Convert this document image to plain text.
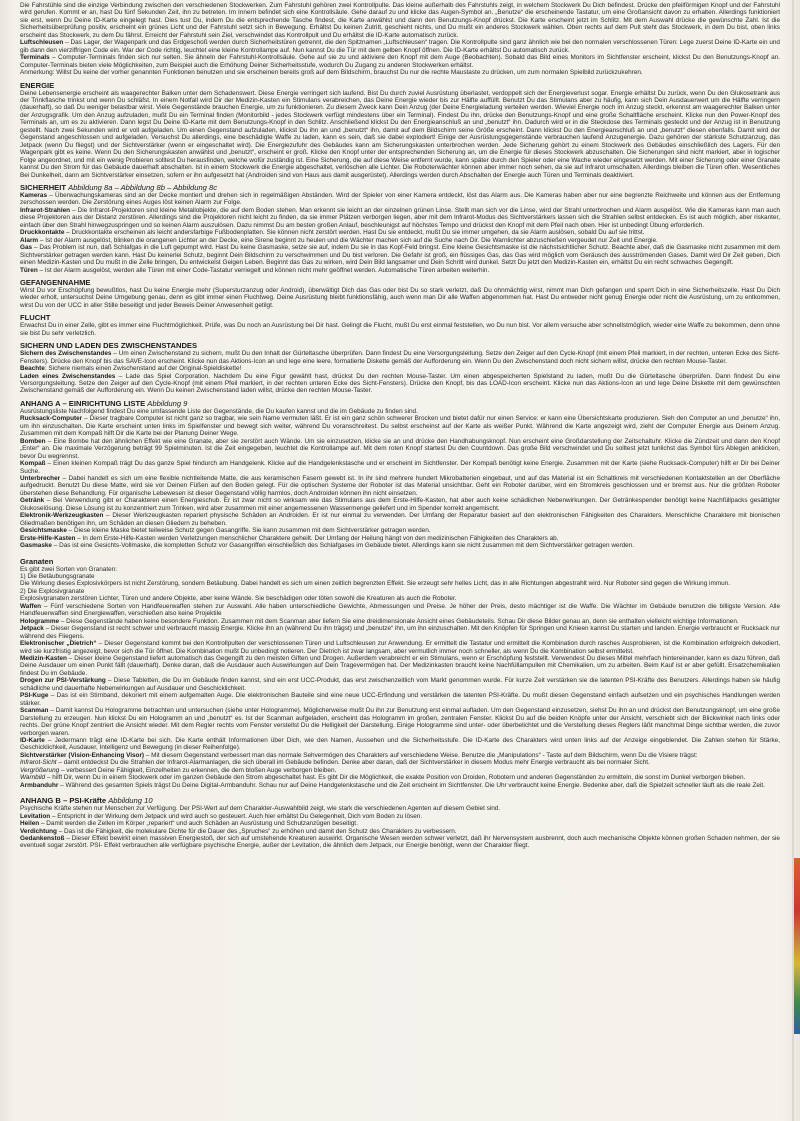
Die Fahrstühle sind die einzige Verbindung zwischen den verschiedenen Stockwerken. Zum Fahrstuhl gehören zwei Kontrollpulte. Das kleine außerhalb des Fahrstuhls zeigt, in welchem Stockwerk Du Dich befindest. Drücke den pfeilförmigen Knopf und der Fahrstuhl wird gerufen. Kommt er an, hast Du fünf Sekunden Zeit, ihn zu betreten. Im Innern befindet sich eine Kontrollsäule. Gehe darauf zu und klicke das Augen-Symbol an. „Benutze“ die erscheinende Tastatur, um eine Großansicht davon zu erhalten. Allerdings funktioniert sie erst, wenn Du Deine ID-Karte eingelegt hast. Dies tust Du, indem Du die entsprechende Tasche findest, die Karte anwählst und dann den Benutzungs-Knopf drückst. Die Karte erscheint jetzt im Schlitz. Mit dem Auswahl drücke die gewünschte Zahl. Ist die Sicherheitsüberprüfung positiv, erscheint ein grünes Licht und der Fahrstuhl setzt sich in Bewegung. Erhältst Du keinen Zutritt, geschieht nichts, und Du mußt ein anderes Stockwerk wählen. Oben rechts auf dem Pult steht das Stockwerk, in dem Du bist, oben links erscheint das Stockwerk, zu dem Du fährst. Erreicht der Fahrstuhl sein Ziel, verschwindet das Kontrollpult und Du erhältst die ID-Karte automatisch zurück.

Luftschleusen – Das Lager, der Wagenpark und das Erdgeschoß werden durch Sicherheitstüren getrennt, die den Spitznamen „Luftschleusen“ tragen. Die Kontrollpulte sind ganz ähnlich wie bei den normalen verschlossenen Türen: Lege zuerst Deine ID-Karte ein und gib dann den vierziffrigen Code ein. War der Code richtig, leuchtet eine kleine Kontrollampe auf. Nun kannst Du die Tür mit dem gelben Knopf öffnen. Die ID-Karte erhältst Du automatisch zurück.

Terminals – Computer-Terminals finden sich nur selten. Sie ähneln der Fahrstuhl-Kontrollsäule. Gehe auf sie zu und aktiviere den Knopf mit dem Auge (Beobachten). Sobald das Bild eines Monitors im Sichtfenster erscheint, klickst Du den Benutzungs-Knopf an. Computer-Terminals bieten viele Möglichkeiten, zum Beispiel auch die Erhöhung Deiner Sicherheitsstufe, wodurch Du Zugang zu anderen Stockwerken erhältst.

Anmerkung: Willst Du keine der vorher genannten Funktionen benutzen und sie erscheinen bereits groß auf dem Bildschirm, brauchst Du nur die rechte Maustaste zu drücken, um zum normalen Spielbild zurückzukehren.

ENERGIE

Deine Lebensenergie erscheint als waagerechter Balken unter dem Schadenswert. Diese Energie verringert sich laufend. Bist Du durch zuviel Ausrüstung überlastet, verdoppelt sich der Energieverlust sogar. Energie erhältst Du zurück, wenn Du den Glukosetrank aus der Trinkflasche trinkst und wenn Du schläfst. In einem Notfall wird Dir der Medizin-Kasten ein Stimulans verabreichen, das Deine Energie wieder bis zur Hälfte auffüllt. Benutzt Du das Stimulans aber zu häufig, kann sich Dein Ausdauerwert um die Hälfte verringern (dauerhaft), so daß Du weniger belastbar wirst. Viele Gegenstände brauchen Energie, um zu funktionieren. Zu diesem Zweck kann Dein Anzug (der Deine Energieladung verteilen werden. Wieviel Energie noch im Anzug steckt, erkennst am waagerechter Balken unter der Anzugsgrafik. Um den Anzug aufzuladen, mußt Du ein Terminal finden (Monitorbild - jedes Stockwerk verfügt mindestens über ein Terminal). Findest Du ihn, drücke den Benutzungs-Knopf und eine große Schaltfläche erscheint. Klicke nun den Power-Knopf des Terminals an, um es zu aktivieren. Dann legst Du Deine ID-Karte mit dem Benutzungs-Knopf in den Schlitz. Anschließend klickst Du den Energieanschluß an und „benutzt“ ihn. Dadurch wird er in die Steckdose des Terminals gesteckt und der Anzug ist in Benutzung gestellt. Nach zwei Sekunden wird er voll aufgeladen. Um einen Gegenstand aufzuladen, klickst Du ihn an und „benutzt“ ihn, damit auf dem Bildschirm seine Größe erscheint. Dann klickst Du den Energieanschluß an und „benutzt“ diesen ebenfalls. Damit wird der Gegenstand angeschlossen und aufgeladen. Versuchst Du allerdings, eine beschädigte Waffe zu laden, kann es sein, daß sie dabei explodiert! Einige der Ausrüstungsgegenstände verbrauchen laufend Anzugenergie. Dazu gehören der stärkste Schutzanzug, das Jetpack (wenn Du fliegst) und der Sichtverstärker (wenn er eingeschaltet wird). Die Energiezufuhr des Gebäudes kann am Sicherungskasten unterbrochen werden. Jede Sicherung gehört zu einem Stockwerk des Gebäudes einschließlich des Lagers. Für den Wagenpark gibt es keine. Wenn Du den Sicherungskasten anwählst und „benutzt“, erscheint er groß. Klicke den Knopf unter der entsprechenden Sicherung an, um die Energie für dieses Stockwerk abzuschalten. Die Sicherungen sind nicht markiert, aber in logischer Folge angeordnet, und mit ein wenig Probieren solltest Du herausfinden, welche wofür zuständig ist. Eine Sicherung, die auf diese Weise entfernt wurde, kann später durch den Spieler oder eine Wache wieder eingesetzt werden. Mit einer Sicherung oder einer Granate kannst Du den Strom für das Gebäude dauerhaft abschalten. Ist in einem Stockwerk die Energie abgeschaltet, verlöschen alle Lichter. Die Roboterwächter können aber immer noch sehen, da sie auf Infrarot umschalten. Allerdings bleiben die Türen offen. Wesentliches Bei Dunkelheit, dann am Sichtverstärker einsetzen, sofern er ihn aufgesetzt hat (Androiden sind von Haus aus damit ausgerüstet). Allerdings werden durch Abschalten der Energie auch Türen und Terminals deaktiviert.

SICHERHEIT Abbildung 8a – Abbildung 8b – Abbildung 8c

Kameras – Überwachungskameras sind an der Decke montiert und drehen sich in regelmäßigen Abständen. Wird der Spieler von einer Kamera entdeckt, löst das Alarm aus. Die Kameras haben aber nur eine begrenzte Reichweite und können aus der Entfernung zerschossen werden. Die Zerstörung eines Auges löst keinen Alarm zur Folge.

Infrarot-Strahlen – Die Infrarot-Projektoren sind kleine Metallobjekte, die auf dem Boden stehen. Man erkennt sie leicht an der einzelnen grünen Linse. Stellt man sich vor die Linse, wird der Strahl unterbrochen und Alarm ausgelöst. Wie die Kameras kann man auch diese Projektoren aus der Distanz zerstören. Allerdings sind die Projektoren nicht leicht zu finden, da sie immer Plätzen verborgen liegen, aber mit dem Infrarot-Modus des Sichtverstärkers lassen sich die Strahlen selbst entdecken. Es ist auch möglich, aber riskanter, einfach über den Strahl hinwegzuspringen und so keinen Alarm auszulösen. Dazu nimmst Du am besten großen Anlauf, beschleunigst auf höchstes Tempo und drückst den Knopf mit dem Pfeil nach oben. Hier ist unbedingt Übung erforderlich.

Druckkontakte – Druckkontakte erscheinen als leicht andersfarbige Fußbodenplatten. Sie können nicht zerstört werden. Hast Du sie entdeckt, mußt Du sie immer umgehen, da sie Alarm auslösen, sobald Du auf sie trittst.

Alarm – Ist der Alarm ausgelöst, blinken die orangenen Lichter an der Decke, eine Sirene beginnt zu heulen und die Wächter machen sich auf die Suche nach Dir. Die Warnlichter abzuschießen vergeudet nur Zeit und Energie.

Gas – Das Problem ist nun, daß Schlafgas in die Luft gepumpt wird. Hast Du keine Gasmaske, setze sie auf, indem Du sie in das Kopf-Feld bringst. Eine kleine Gesichtsmaske ist die nächstsichtlicher Schutz. Beachte aber, daß die Gasmaske nicht zusammen mit dem Sichtverstärker getragen werden kann. Hast Du keinerlei Schutz, beginnt Dein Bildschirm zu verschwimmen und Du bist verloren. Die Gefahr ist groß, ein flüssiges Gas, das Gas wird möglich vom Geräusch des ausströmenden Gases. Damit wird Dir Zeit geben, Dich einen Medizin-Kasten und Du mußt in die Zelle bringen, Du entwickelst Geigen Leben. Beginnt das Gas zu wirken, wird Dein Bild langsamer und Dein Schritt wird dunkel. Setzt Du jetzt den Medizin-Kasten ein, erhältst Du ein recht schwaches Gegengift.

Türen – Ist der Alarm ausgelöst, werden alle Türen mit einer Code-Tastatur verriegelt und können nicht mehr geöffnet werden. Automatische Türen arbeiten weiterhin.

GEFANGENNAHME

Wirst Du vor Erschöpfung bewußtlos, hast Du keine Energie mehr (Supersturzanzug oder Android), überwältigt Dich das Gas oder bist Du so stark verletzt, daß Du ohnmächtig wirst, nimmt man Dich gefangen und sperrt Dich in eine Sicherheitszelle. Hast Du Dich wieder erholt, untersuchst Deine Umgebung genau, denn es gibt immer einen Fluchtweg. Deine Ausrüstung bleibt funktionsfähig, auch wenn man Dir alle Waffen abgenommen hat. Hast Du entweder nicht genug Energie oder nicht die Ausrüstung, um zu entkommen, wirst Du von der UCC in aller Stille beseitigt und jeder Beweis Deiner Anwesenheit getilgt.

FLUCHT

Erwachst Du in einer Zelle, gibt es immer eine Fluchtmöglichkeit. Prüfe, was Du noch an Ausrüstung bei Dir hast. Gelingt die Flucht, mußt Du erst einmal feststellen, wo Du nun bist. Vor allem versuche aber schnellstmöglich, wieder eine Waffe zu bekommen, denn ohne sie bist Du sehr verletzlich.

SICHERN UND LADEN DES ZWISCHENSTANDES

Sichern des Zwischenstandes – Um einen Zwischenstand zu sichern, mußt Du den Inhalt der Gürteltasche überprüfen. Dann findest Du eine Versorgungsleitung. Setze den Zeiger auf den Cycle-Knopf (mit einem Pfeil markiert, in der rechten, unteren Ecke des Sicht-Fensters). Drücke den Knopf bis das SAVE-Icon erscheint. Klicke nun das Aktions-Icon an und lege eine leere, formatierte Diskette gemäß der Aufforderung ein. Wenn Du den Zwischenstand doch nicht sichern willst, drücke den rechten Mouse-Taster.

Beachte: Sichere niemals einen Zwischenstand auf der Original-Spieldiskette!

Laden eines Zwischenstandes – Lade das Spiel Corporation. Nachdem Du eine Figur gewählt hast, drückst Du den rechten Mouse-Taster. Um einen abgespeicherten Spielstand zu laden, mußt Du die Gürteltasche überprüfen. Dann findest Du eine Versorgungsleitung. Setze den Zeiger auf den Cycle-Knopf (mit einem Pfeil markiert, in der rechten unteren Ecke des Sicht-Fensters). Drücke den Knopf, bis das LOAD-Icon erscheint. Klicke nun das Aktions-Icon an und lege Deine Diskette mit dem gewünschten Zwischenstand gemäß der Aufforderung ein. Wenn Du keinen Zwischenstand laden willst, drücke den rechten Mouse-Taster.

ANHANG A – EINRICHTUNG LISTE Abbildung 9

Ausrüstungsliste Nachfolgend findest Du eine umfassende Liste der Gegenstände, die Du kaufen kannst und die im Gebäude zu finden sind.

Rucksack-Computer – Dieser tragbare Computer ist nicht ganz so tragbar, wie sein Name vermuten läßt. Er ist ein ganz schön schwerer Brocken und bietet dafür nur einen Service: er kann eine Übersichtskarte produzieren. Sieh den Computer an und „benutze“ ihn, um ihn einzuschalten. Die Karte erscheint unten links im Spielfenster und bewegt sich weiter, während Du voranschreitest. Du selbst erscheinst auf der Karte als weißer Punkt. Während die Karte angezeigt wird, zieht der Computer Energie aus Deinem Anzug. Zusammen mit dem Kompaß hilft Dir die Karte bei der Planung Deiner Wege.

Bomben – Eine Bombe hat den ähnlichen Effekt wie eine Granate, aber sie zerstört auch Wände. Um sie einzusetzen, klicke sie an und drücke den Handhabungsknopf. Nun erscheint eine Großdarstellung der Zeitschaltuhr. Klicke die Zündzeit und dann den Knopf „Enter“ an. Die maximale Verzögerung beträgt 99 Spielminuten. Ist die Zeit eingegeben, leuchtet die Kontrollampe auf. Mit dem roten Knopf startest Du den Countdown. Das große Bild verschwindet und Du solltest jetzt tunlichst das Symbol fürs Ablegen anklicken, bevor Du wegrennst.

Kompaß – Einen kleinen Kompaß trägt Du das ganze Spiel hindurch am Handgelenk. Klicke auf die Handgelenkstasche und er erscheint im Sichtfenster. Der Kompaß benötigt keine Energie. Zusammen mit der Karte (siehe Rucksack-Computer) hilft er Dir bei Deiner Suche.

Unterbrecher – Dabei handelt es sich um eine flexible nichtleitende Matte, die aus keramischen Fasern gewebt ist. In ihr sind mehrere hundert Mikrobatterien eingebaut, und auf das Material ist ein Schaltkreis mit verschiedenen Kontaktstellen an der Oberfläche aufgedruckt. Benutzt Du diese Matte, wird sie vor Deinen Füßen auf den Boden gelegt. Für die optischen Systeme der Roboter ist das Material unsichtbar. Geht ein Roboter darüber, wird ein Stromkreis geschlossen und er bremst aus. Nur die größten Roboter überstehen diese Behandlung. Für organische Lebewesen ist dieser Gegenstand völlig harmlos, doch Androiden können ihn nicht einsetzen.

Getränk – Bei Verwendung gibt er Charakteren einen Energieschub. Er ist zwar nicht so wirksam wie das Stimulans aus dem Erste-Hilfe-Kasten, hat aber auch keine schädlichen Nebenwirkungen. Der Getränkespender benötigt keine Nachfüllpacks gesättigter Glukoselösung. Diese Lösung ist zu konzentriert zum Trinken, wird aber zusammen mit einer angemessenen Wassermenge geliefert und im Spender korrekt angemischt.

Elektronik-Werkzeugkasten – Dieser Werkzeugkasten repariert physische Schäden an Androiden. Er ist nur einmal zu verwenden. Der Umfang der Reparatur basiert auf den elektronischen Fähigkeiten des Charakters. Menschliche Charaktere mit bionischen Gliedmaßen benötigen ihn, um Schäden an diesen Gliedern zu beheben.

Gesichtsmaske – Diese kleine Maske bietet teilweise Schutz gegen Gasangriffe. Sie kann zusammen mit dem Sichtverstärker getragen werden.

Erste-Hilfe-Kasten – In dem Erste-Hilfe-Kasten werden Verletzungen menschlicher Charaktere geheilt. Der Umfang der Heilung hängt von den medizinischen Fähigkeiten des Charakters ab.

Gasmaske – Das ist eine Gesichts-Vollmaske, die kompletten Schutz vor Gasangriffen einschließlich des Schlafgases im Gebäude bietet. Allerdings kann sie nicht zusammen mit dem Sichtverstärker getragen werden.

Granaten

Es gibt zwei Sorten von Granaten:

1) Die Betäubungsgranate

Die Wirkung dieses Explosivkörpers ist nicht Zerstörung, sondern Betäubung. Dabei handelt es sich um einen zeitlich begrenzten Effekt. Sie erzeugt sehr helles Licht, das in alle Richtungen abgestrahlt wird. Nur Roboter sind gegen die Wirkung immun.

2) Die Explosivgranate

Explosivgranaten zerstören Lichter, Türen und andere Objekte, aber keine Wände. Sie beschädigen oder töten sowohl die Kreaturen als auch die Roboter.

Waffen – Fünf verschiedene Sorten von Handfeuerwaffen stehen zur Auswahl. Alle haben unterschiedliche Gewichte, Abmessungen und Preise. Je höher der Preis, desto mächtiger ist die Waffe. Die Wächter im Gebäude benutzen die billigste Version. Alle Handfeuerwaffen sind Energiewaffen, verschießen also keine Projektile

Hologramme – Diese Gegenstände haben keine besondere Funktion. Zusammen mit dem Scanman aber liefern Sie eine dreidimensionale Ansicht eines Gebäudeteils. Schau Dir diese Bilder genau an, denn sie enthalten vielleicht wichtige Informationen.

Jetpack – Dieser Gegenstand ist recht schwer und verbraucht massig Energie. Klicke ihn an (während Du ihn trägst) und „benutze“ ihn, um ihn einzuschalten. Mit den Knöpfen für Springen und Knieen kannst Du starten und landen. Energie verbraucht er Rucksack nur während des Fliegens.

Elektronischer „Dietrich“ – Dieser Gegenstand kommt bei den Kontrollpulten der verschlossenen Türen und Luftschleusen zur Anwendung. Er ermittelt die Tastatur und ermittelt die Kombination durch rasches Ausprobieren, ist die Kombination erfolgreich dekodiert, wird sie kurzfristig angezeigt, bevor sich die Tür öffnet. Die Kombination mußt Du unbedingt notieren. Der Dietrich ist zwar langsam, aber vermutlich immer noch schneller, als wenn Du die Kombination selbst ermittelst.

Medizin-Kasten – Dieser kleine Gegenstand liefert automatisch das Gegengift zu den meisten Giften und Drogen. Außerdem verabreicht er ein Stimulans, wenn er Erschöpfung feststellt. Verwendest Du dieses Mittel mehrfach hintereinander, kann es dazu führen, daß Deine Ausdauer um einen Punkt fällt (dauerhaft). Denke daran, daß die Ausdauer auch Auswirkungen auf Dein Tragevermögen hat. Der Medizinkasten braucht keine Nachfüllampullen mit Chemikalien, um zu arbeiten. Beim Kauf ist er aber gefüllt. Ersatzchemikalien findest Du im Gebäude.

Drogen zur PSI-Verstärkung – Diese Tabletten, die Du im Gebäude finden kannst, sind ein erst UCC-Produkt, das erst zwischenzeitlich vom Markt genommen wurde. Für kurze Zeit verstärken sie die latenten PSI-Kräfte des Benutzers. Allerdings haben sie häufig schädliche und dauerhafte Nebenwirkungen auf Ausdauer und Geschicklichkeit.

PSI-Kuge – Das ist ein Stirnband, dekoriert mit einem aufgemalten Auge. Die elektronischen Bauteile sind eine neue UCC-Erfindung und verstärken die latenten PSI-Kräfte. Du mußt diesen Gegenstand einfach aufsetzen und ein psychisches Handlungen werden stärker.

Scanman – Damit kannst Du Hologramme betrachten und untersuchen (siehe unter Hologramme). Möglicherweise mußt Du ihn zur Benutzung erst einmal aufladen. Um den Gegenstand einzusetzen, siehst Du ihn an und drückst den Benutzungsknopf, um eine große Darstellung zu erzeugen. Nun klickst Du ein Hologramm an und „benutzt“ es. Ist der Scanman aufgeladen, erscheint das Hologramm im großen, zentralen Fenster. Klickst Du auf die beiden Knöpfe unter der Ansicht, verschiebt sich der Blickwinkel nach links oder rechts. Der grüne Knopf zentriert die Ansicht wieder. Mit dem Regler rechts vom Fenster verstellst Du die Helligkeit der Darstellung. Einige Hologramme sind unter- oder überbelichtet und die Verstellung dieses Reglers läßt manchmal Dinge sichtbar werden, die zuvor verborgen waren.

ID-Karte – Jedermann trägt eine ID-Karte bei sich. Die Karte enthält Informationen über Dich, wie den Namen, Aussehen und die Sicherheitsstufe. Die ID-Karte des Charakters wird unten links auf der Anzeige eingeblendet. Die Zahlen stehen für Stärke, Geschicklichkeit, Ausdauer, Intelligenz und Bewegung (in dieser Reihenfolge).

Sichtverstärker (Vision-Enhancing Visor) – Mit diesem Gegenstand verbessert man das normale Sehvermögen des Charakters auf verschiedene Weise. Benutze die „Manipulations“ - Taste auf dem Bildschirm, wenn Du die Visiere trägst:

Infrarot-Sicht – damit entdeckst Du die Strahlen der Infrarot-Alarmanlagen, die sich überall im Gebäude befinden. Denke aber daran, daß der Sichtverstärker in diesem Modus mehr Energie verbraucht als bei normaler Sicht.

Vergrößerung – verbessert Deine Fähigkeit, Einzelheiten zu erkennen, die dem bloßen Auge verborgen bleiben.

Warnbild – hilft Dir, wenn Du in einem Stockwerk oder im ganzen Gebäude den Strom abgeschaltet hast. Es gibt Dir die Möglichkeit, die exakte Position von Droiden, Robotern und anderen Gegenständen zu ermitteln, die sonst im Dunkel verborgen blieben.

Armbanduhr – Während des gesamten Spiels trägst Du Deine Digital-Armbanduhr. Schau nur auf Deine Handgelenkstasche und die Zeit erscheint im Sichtfenster. Die Uhr verbraucht keine Energie. Bedenke aber, daß die Spielzeit schneller läuft als die reale Zeit.

ANHANG B – PSI-Kräfte Abbildung 10

Psychische Kräfte stehen nur Menschen zur Verfügung. Der PSI-Wert auf dem Charakter-Auswahlbild zeigt, wie stark die verschiedenen Agenten auf diesem Gebiet sind.

Levitation – Entspricht in der Wirkung dem Jetpack und wird auch so gesteuert. Auch hier erhältst Du Gelegenheit, Dich vom Boden zu lösen.

Heilen – Damit werden die Zellen im Körper „repariert“ und auch Schäden an Ausrüstung und Schutzanzügen beseitigt.

Verdichtung – Das ist die Fähigkeit, die molekulare Dichte für die Dauer des „Spruches“ zu erhöhen und damit den Schutz des Charakters zu verbessern.

Gedankenstoß – Dieser Effekt bewirkt einen massiven Energiestoß, der sich auf umstehende Kreaturen auswirkt. Organische Wesen werden schwer verletzt, daß ihr Nervensystem ausbrennt, doch auch mechanische Objekte können großen Schaden nehmen, der sie eventuell sogar zerstört. PSI- Effekt verbrauchen alle verfügbare psychische Energie, außer der Levitation, die ähnlich dem Jetpack, nur Energie benötigt, wenn der Charakter fliegt.
